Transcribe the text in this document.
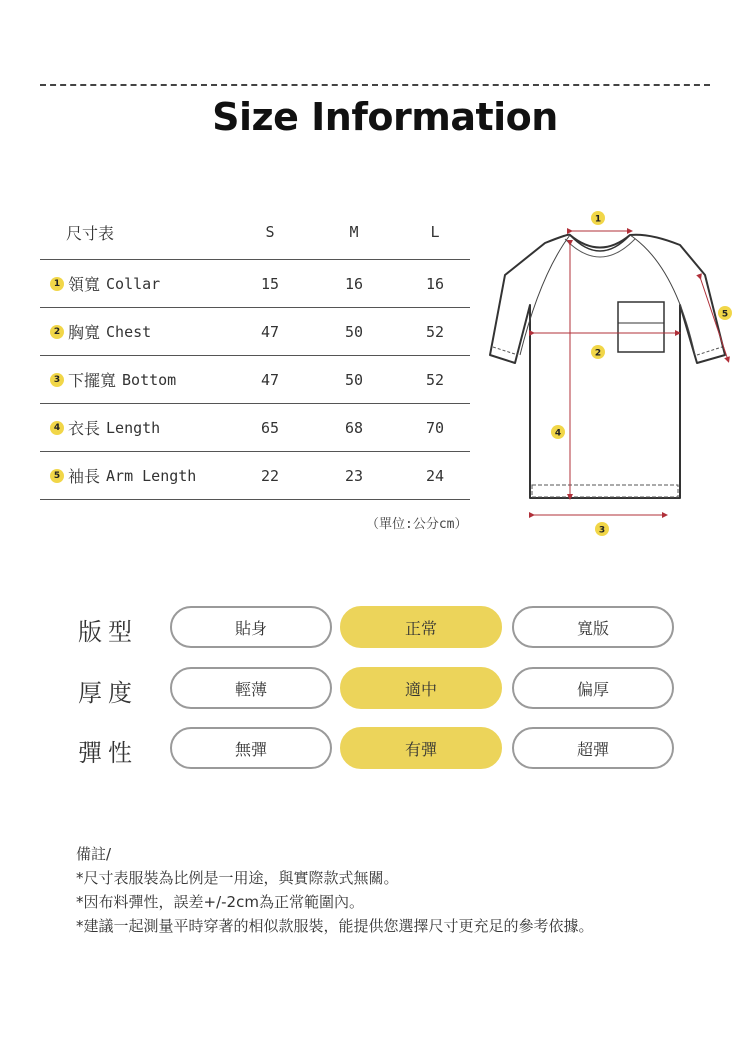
Size Information
尺寸表	S	M	L
1 領寬 Collar	15	16	16
2 胸寬 Chest	47	50	52
3 下擺寬 Bottom	47	50	52
4 衣長 Length	65	68	70
5 袖長 Arm Length	22	23	24
（單位:公分cm）
1
2
3
4
5
版型	貼身	正常	寬版
厚度	輕薄	適中	偏厚
彈性	無彈	有彈	超彈
備註/
*尺寸表服裝為比例是一用途，與實際款式無關。
*因布料彈性，誤差+/-2cm為正常範圍內。
*建議一起測量平時穿著的相似款服裝，能提供您選擇尺寸更充足的參考依據。
